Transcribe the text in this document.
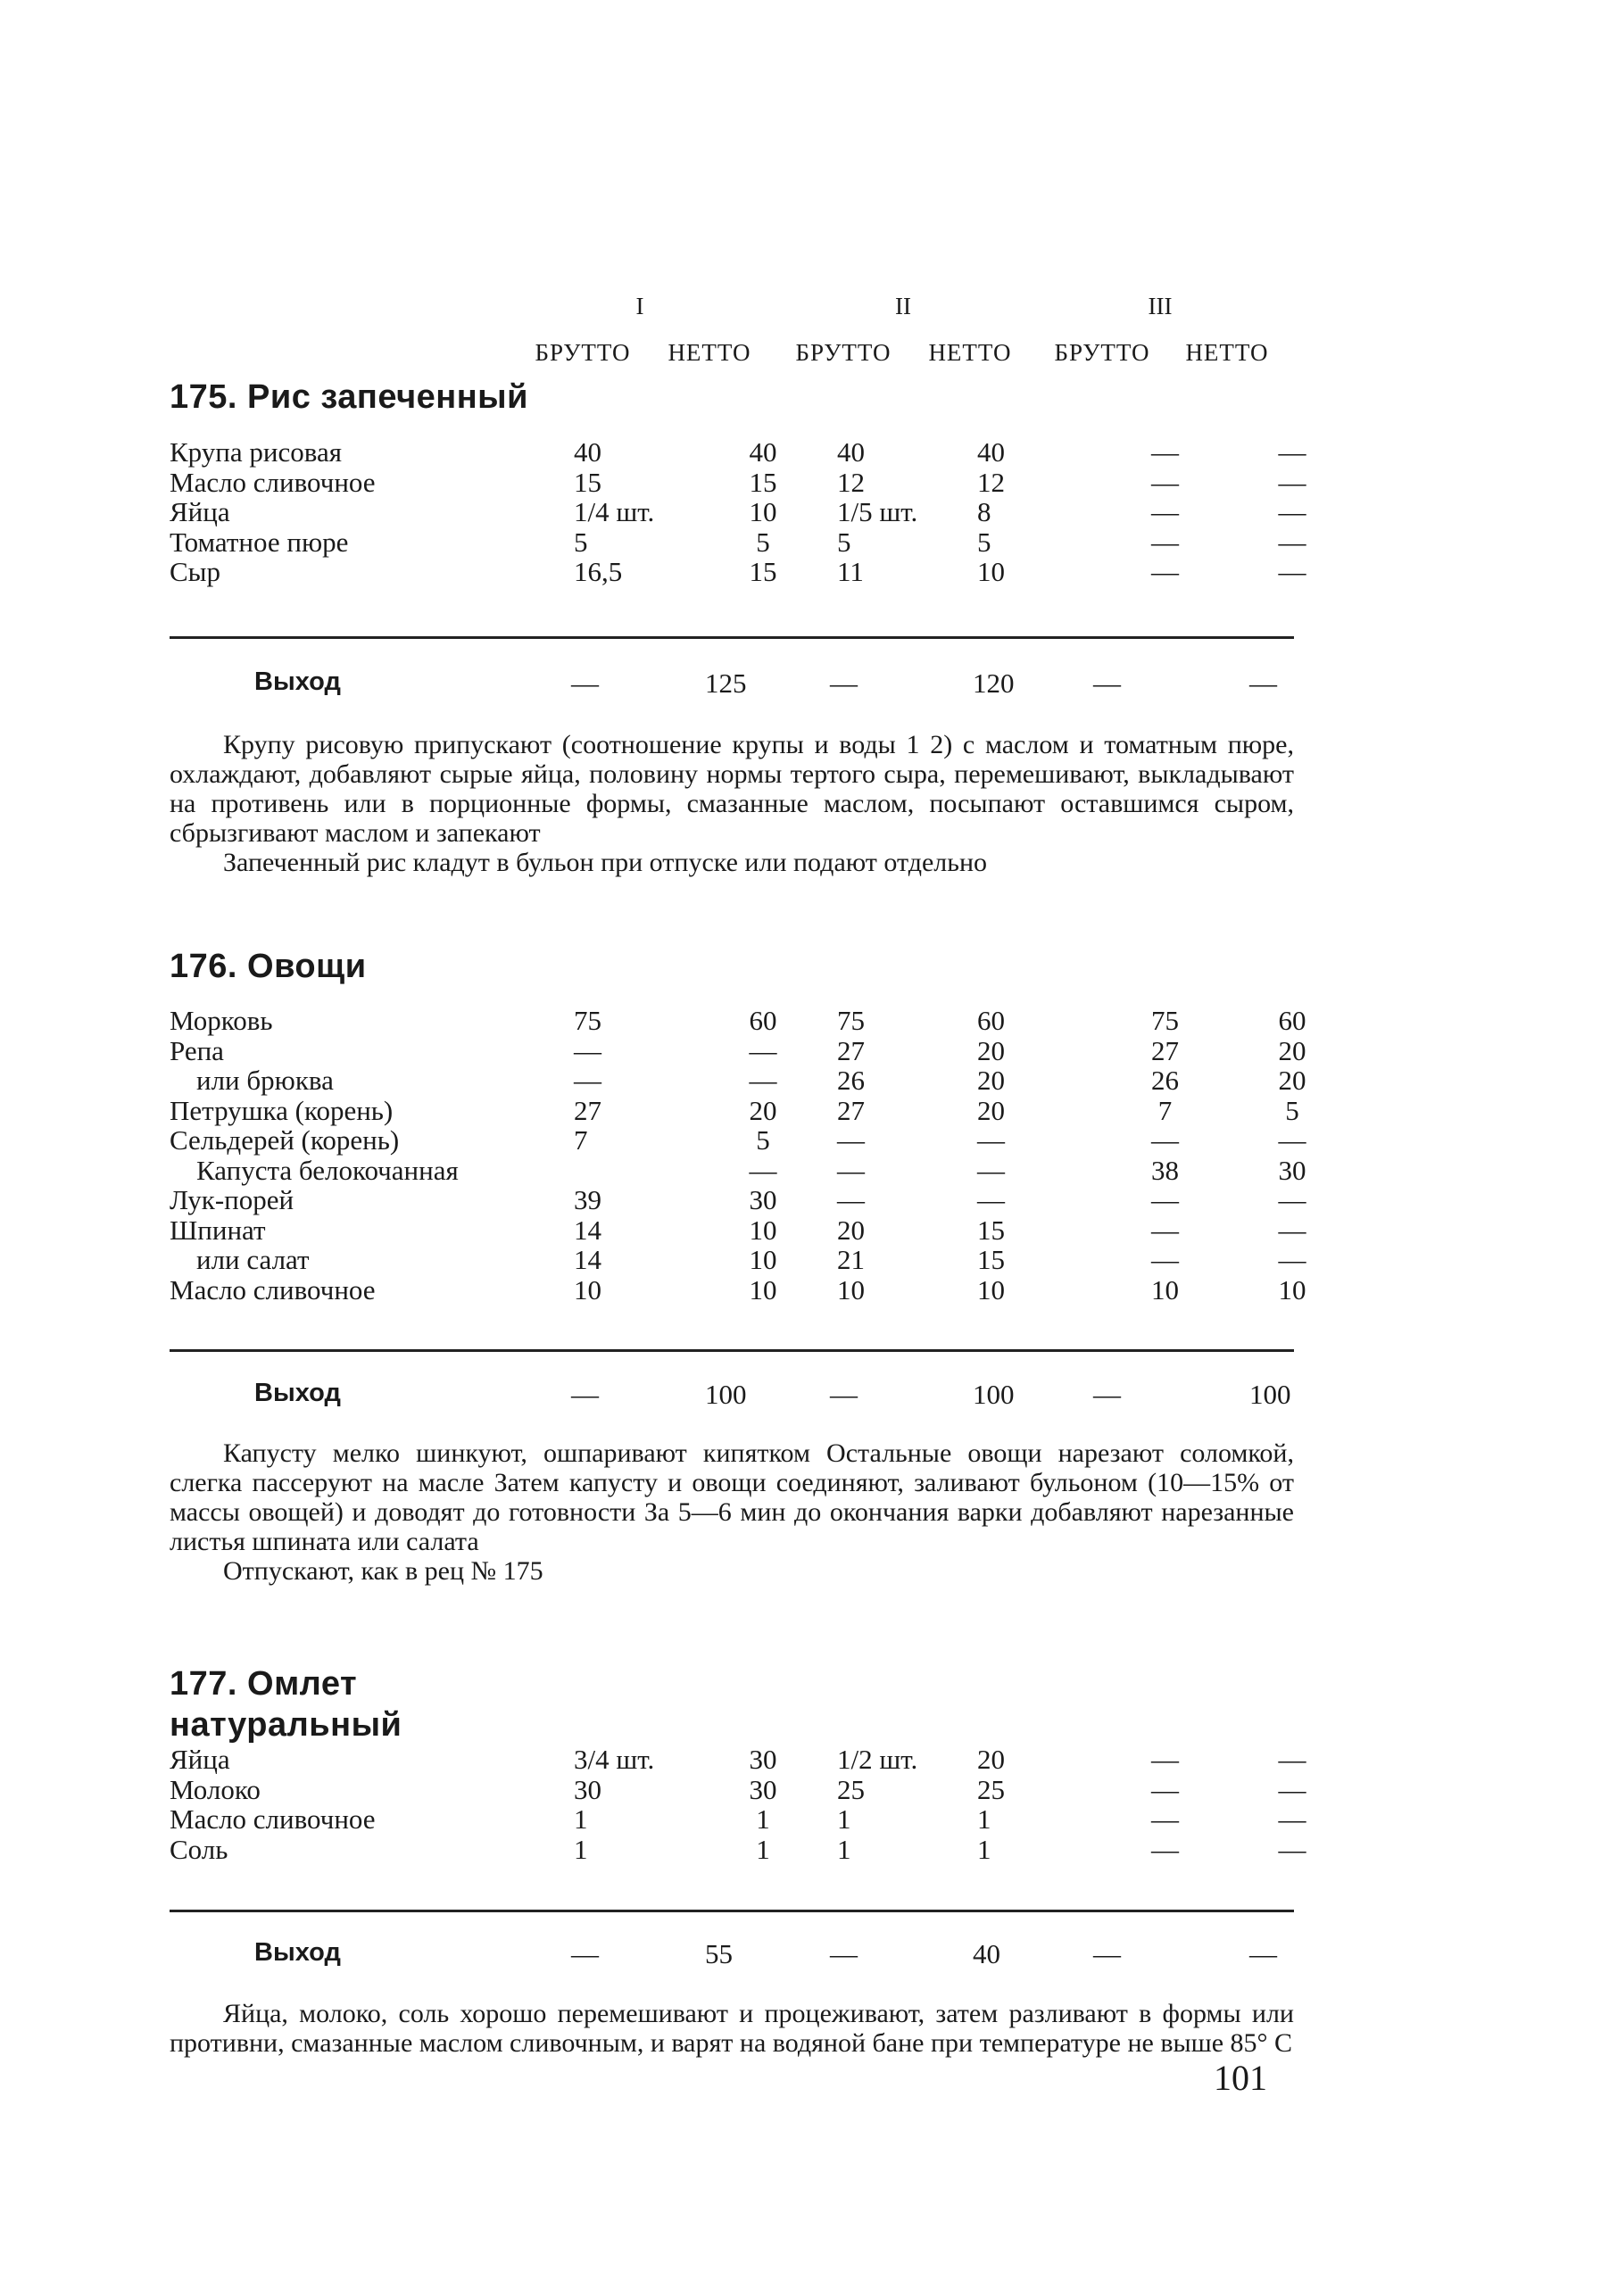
I	II	III
БРУТТО	НЕТТО	БРУТТО	НЕТТО	БРУТТО	НЕТТО
175. Рис запеченный
Крупа рисовая	40	40	40	40	—	—
Масло сливочное	15	15	12	12	—	—
Яйца	1/4 шт.	10	1/5 шт.	8	—	—
Томатное пюре	5	5	5	5	—	—
Сыр	16,5	15	11	10	—	—
Выход	—	125	—	120	—	—

Крупу рисовую припускают (соотношение крупы и воды 1 2) с маслом и томатным пюре, охлаждают, добавляют сырые яйца, половину нормы тертого сыра, перемешивают, выкладывают на противень или в порционные формы, смазанные маслом, посыпают оставшимся сыром, сбрызгивают маслом и запекают

Запеченный рис кладут в бульон при отпуске или подают отдельно

176. Овощи
Морковь	75	60	75	60	75	60
Репа	—	—	27	20	27	20
или брюква	—	—	26	20	26	20
Петрушка (корень)	27	20	27	20	7	5
Сельдерей (корень)	7	5	—	—	—	—
Капуста белокочанная		—	—	—	38	30
Лук-порей	39	30	—	—	—	—
Шпинат	14	10	20	15	—	—
или салат	14	10	21	15	—	—
Масло сливочное	10	10	10	10	10	10
Выход	—	100	—	100	—	100

Капусту мелко шинкуют, ошпаривают кипятком Остальные овощи нарезают соломкой, слегка пассеруют на масле Затем капусту и овощи соединяют, заливают бульоном (10—15% от массы овощей) и доводят до готовности За 5—6 мин до окончания варки добавляют нарезанные листья шпината или салата

Отпускают, как в рец № 175

177. Омлет натуральный
Яйца	3/4 шт.	30	1/2 шт.	20	—	—
Молоко	30	30	25	25	—	—
Масло сливочное	1	1	1	1	—	—
Соль	1	1	1	1	—	—
Выход	—	55	—	40	—	—

Яйца, молоко, соль хорошо перемешивают и процеживают, затем разливают в формы или противни, смазанные маслом сливочным, и варят на водяной бане при температуре не выше 85° С

101
